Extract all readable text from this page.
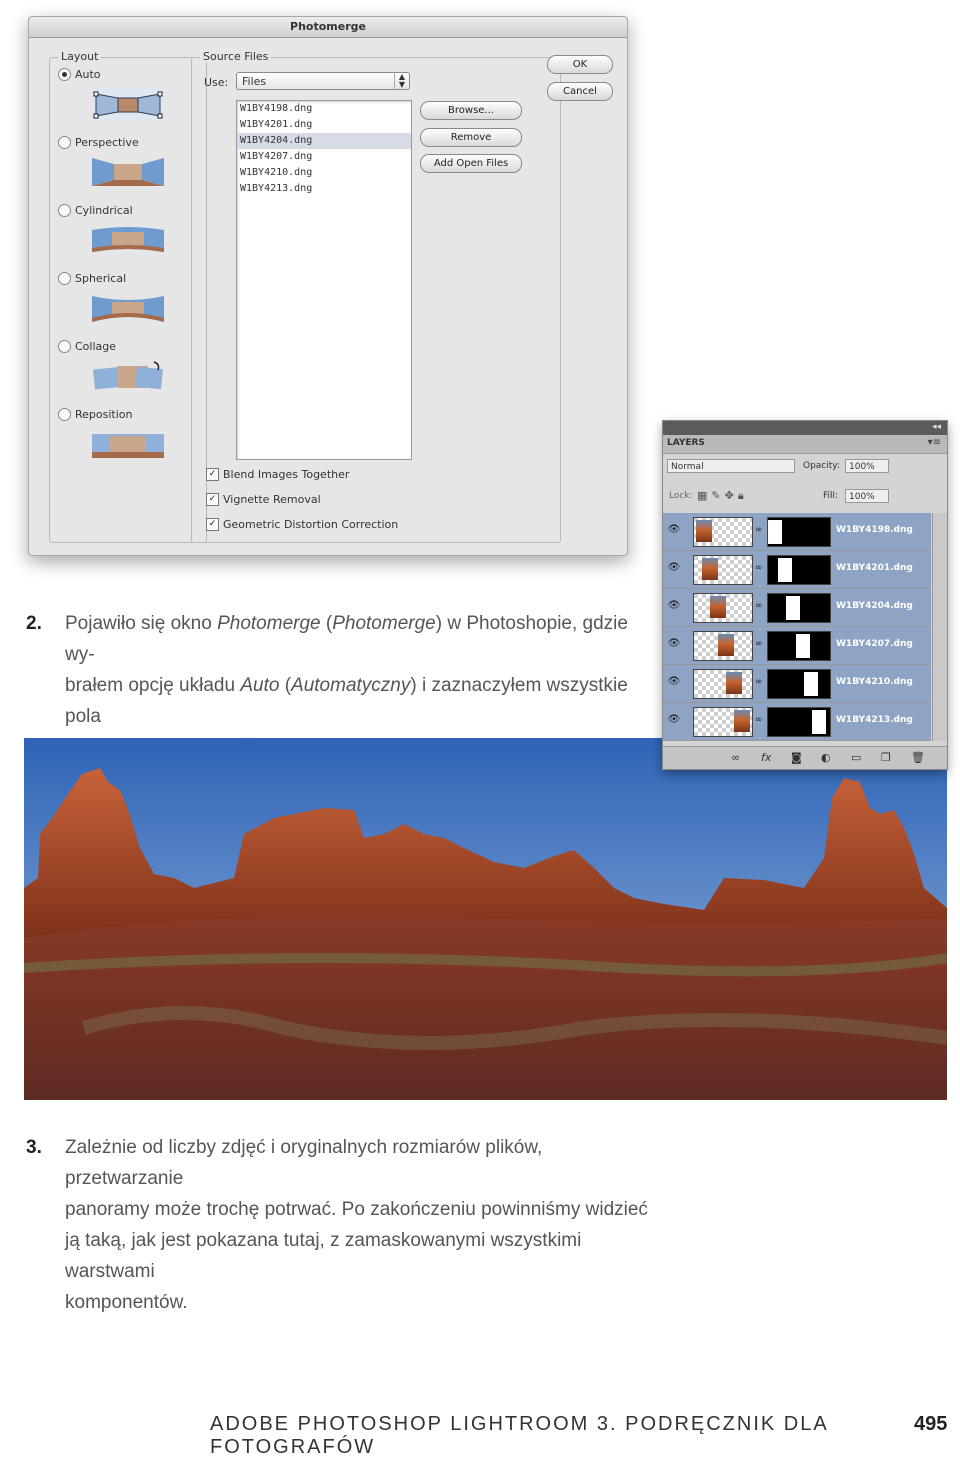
Photomerge
Layout
Auto
Perspective
Cylindrical
Spherical
Collage
Reposition
Source Files
Use:	Files	▲
▼
W1BY4198.dng
W1BY4201.dng
W1BY4204.dng
W1BY4207.dng
W1BY4210.dng
W1BY4213.dng
Browse...
Remove
Add Open Files
✓ Blend Images Together
✓ Vignette Removal
✓ Geometric Distortion Correction
OK
Cancel
2. Pojawiło się okno Photomerge (Photomerge) w Photoshopie, gdzie wy-
brałem opcję układu Auto (Automatyczny) i zaznaczyłem wszystkie pola

◂◂
LAYERS	▾≡
Normal	Opacity:	100%
Lock: ▦✎✥🔒︎	Fill:	100%
👁︎	∞	W1BY4198.dng
👁︎	∞	W1BY4201.dng
👁︎	∞	W1BY4204.dng
👁︎	∞	W1BY4207.dng
👁︎	∞	W1BY4210.dng
👁︎	∞	W1BY4213.dng
∞ fx ◙ ◐ ▭ ❐ 🗑︎
3. Zależnie od liczby zdjęć i oryginalnych rozmiarów plików, przetwarzanie
panoramy może trochę potrwać. Po zakończeniu powinniśmy widzieć
ją taką, jak jest pokazana tutaj, z zamaskowanymi wszystkimi warstwami
komponentów.
ADOBE PHOTOSHOP LIGHTROOM 3. PODRĘCZNIK DLA FOTOGRAFÓW
495
